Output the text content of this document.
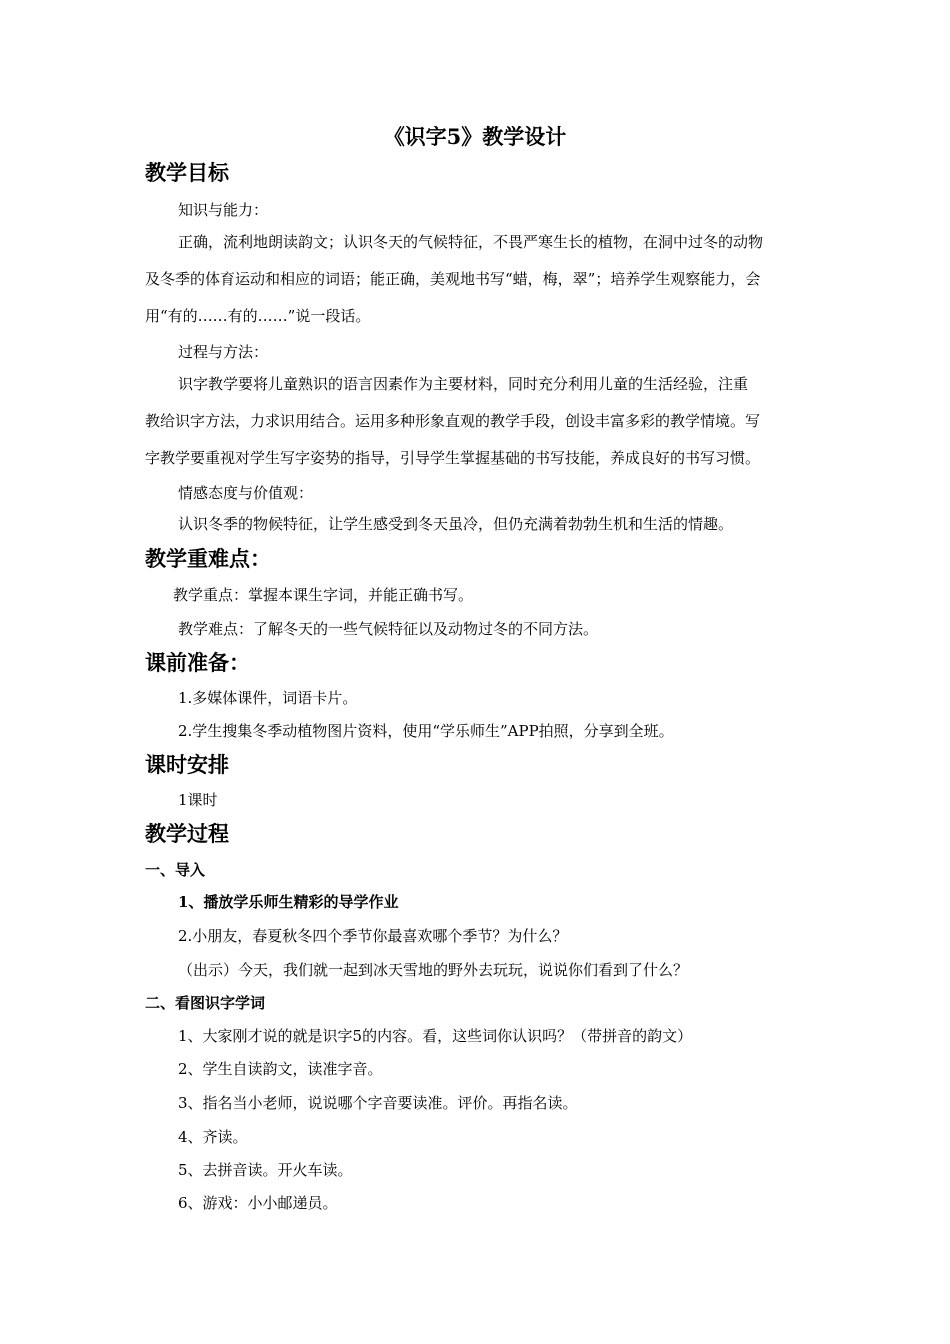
《识字5》教学设计
教学目标
知识与能力：
正确，流利地朗读韵文；认识冬天的气候特征，不畏严寒生长的植物，在洞中过冬的动物
及冬季的体育运动和相应的词语；能正确，美观地书写“蜡，梅，翠”；培养学生观察能力，会
用“有的……有的……”说一段话。
过程与方法：
识字教学要将儿童熟识的语言因素作为主要材料，同时充分利用儿童的生活经验，注重
教给识字方法，力求识用结合。运用多种形象直观的教学手段，创设丰富多彩的教学情境。写
字教学要重视对学生写字姿势的指导，引导学生掌握基础的书写技能，养成良好的书写习惯。
情感态度与价值观：
认识冬季的物候特征，让学生感受到冬天虽冷，但仍充满着勃勃生机和生活的情趣。
教学重难点：
教学重点：掌握本课生字词，并能正确书写。
教学难点：了解冬天的一些气候特征以及动物过冬的不同方法。
课前准备：
1.多媒体课件，词语卡片。
2.学生搜集冬季动植物图片资料，使用“学乐师生”APP拍照，分享到全班。
课时安排
1课时
教学过程
一、导入
1、播放学乐师生精彩的导学作业
2.小朋友，春夏秋冬四个季节你最喜欢哪个季节？为什么？
（出示）今天，我们就一起到冰天雪地的野外去玩玩，说说你们看到了什么？
二、看图识字学词
1、大家刚才说的就是识字5的内容。看，这些词你认识吗？（带拼音的韵文）
2、学生自读韵文，读准字音。
3、指名当小老师，说说哪个字音要读准。评价。再指名读。
4、齐读。
5、去拼音读。开火车读。
6、游戏：小小邮递员。
